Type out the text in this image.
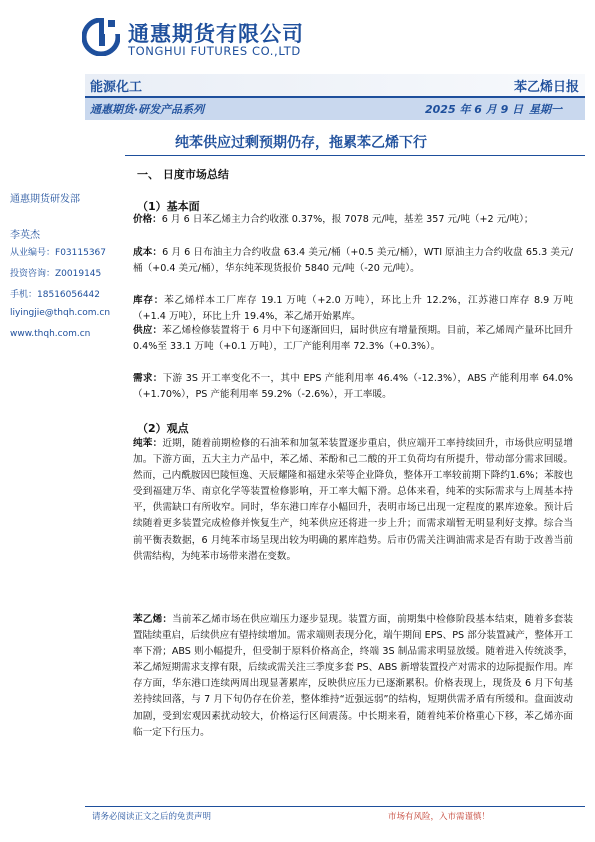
通惠期货有限公司
TONGHUI FUTURES CO.,LTD
能源化工	苯乙烯日报
通惠期货·研发产品系列	2025 年 6 月 9 日 星期一
纯苯供应过剩预期仍存，拖累苯乙烯下行
通惠期货研发部
李英杰
从业编号：F03115367
投资咨询：Z0019145
手机：18516056442
liyingjie@thqh.com.cn
www.thqh.com.cn
一、 日度市场总结
（1）基本面
价格：6 月 6 日苯乙烯主力合约收涨 0.37%，报 7078 元/吨，基差 357 元/吨（+2 元/吨）；
成本：6 月 6 日布油主力合约收盘 63.4 美元/桶（+0.5 美元/桶），WTI 原油主力合约收盘 65.3 美元/桶（+0.4 美元/桶），华东纯苯现货报价 5840 元/吨（-20 元/吨）。
库存：苯乙烯样本工厂库存 19.1 万吨（+2.0 万吨），环比上升 12.2%，江苏港口库存 8.9 万吨（+1.4 万吨），环比上升 19.4%，苯乙烯开始累库。
供应：苯乙烯检修装置将于 6 月中下旬逐渐回归，届时供应有增量预期。目前，苯乙烯周产量环比回升 0.4%至 33.1 万吨（+0.1 万吨），工厂产能利用率 72.3%（+0.3%）。
需求：下游 3S 开工率变化不一，其中 EPS 产能利用率 46.4%（-12.3%），ABS 产能利用率 64.0%（+1.70%），PS 产能利用率 59.2%（-2.6%），开工率暖。
（2）观点
纯苯：近期，随着前期检修的石油苯和加氢苯装置逐步重启，供应端开工率持续回升，市场供应明显增加。下游方面，五大主力产品中，苯乙烯、苯酚和己二酸的开工负荷均有所提升，带动部分需求回暖。然而，己内酰胺因巴陵恒逸、天辰耀隆和福建永荣等企业降负，整体开工率较前期下降约1.6%；苯胺也受到福建万华、南京化学等装置检修影响，开工率大幅下滑。总体来看，纯苯的实际需求与上周基本持平，供需缺口有所收窄。同时，华东港口库存小幅回升，表明市场已出现一定程度的累库迹象。预计后续随着更多装置完成检修并恢复生产，纯苯供应还将进一步上升；而需求端暂无明显利好支撑。综合当前平衡表数据，6 月纯苯市场呈现出较为明确的累库趋势。后市仍需关注调油需求是否有助于改善当前供需结构，为纯苯市场带来潜在变数。
苯乙烯：当前苯乙烯市场在供应端压力逐步显现。装置方面，前期集中检修阶段基本结束，随着多套装置陆续重启，后续供应有望持续增加。需求端则表现分化，端午期间 EPS、PS 部分装置减产，整体开工率下滑；ABS 则小幅提升，但受制于原料价格高企，终端 3S 制品需求明显放缓。随着进入传统淡季，苯乙烯短期需求支撑有限，后续或需关注三季度多套 PS、ABS 新增装置投产对需求的边际提振作用。库存方面，华东港口连续两周出现显著累库，反映供应压力已逐渐累积。价格表现上，现货及 6 月下旬基差持续回落，与 7 月下旬仍存在价差，整体维持“近强远弱”的结构，短期供需矛盾有所缓和。盘面波动加剧，受到宏观因素扰动较大，价格运行区间震荡。中长期来看，随着纯苯价格重心下移，苯乙烯亦面临一定下行压力。
请务必阅读正文之后的免责声明	市场有风险，入市需谨慎！
